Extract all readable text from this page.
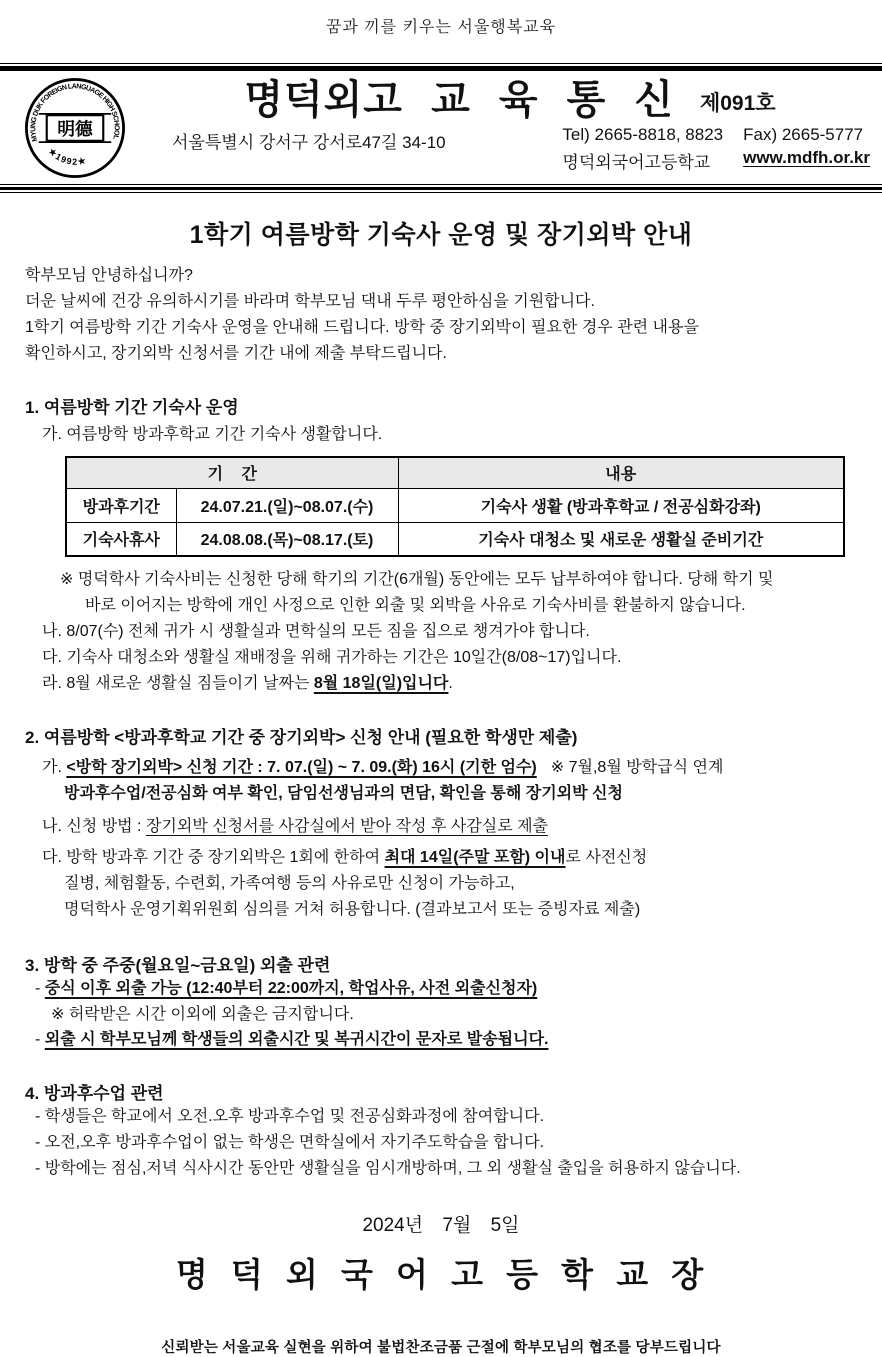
꿈과 끼를 키우는 서울행복교육
MYUNG DUK FOREIGN LANGUAGE HIGH SCHOOL
明德
★1992★
명덕외고 교 육 통 신 제091호
서울특별시 강서구 강서로47길 34-10	Tel) 2665-8818, 8823 Fax) 2665-5777
명덕외국어고등학교	www.mdfh.or.kr
1학기 여름방학 기숙사 운영 및 장기외박 안내
학부모님 안녕하십니까?
더운 날씨에 건강 유의하시기를 바라며 학부모님 댁내 두루 평안하심을 기원합니다.
1학기 여름방학 기간 기숙사 운영을 안내해 드립니다. 방학 중 장기외박이 필요한 경우 관련 내용을
확인하시고, 장기외박 신청서를 기간 내에 제출 부탁드립니다.
1. 여름방학 기간 기숙사 운영
가. 여름방학 방과후학교 기간 기숙사 생활합니다.
기 간		내용
방과후기간	24.07.21.(일)~08.07.(수)	기숙사 생활 (방과후학교 / 전공심화강좌)
기숙사휴사	24.08.08.(목)~08.17.(토)	기숙사 대청소 및 새로운 생활실 준비기간
※ 명덕학사 기숙사비는 신청한 당해 학기의 기간(6개월) 동안에는 모두 납부하여야 합니다. 당해 학기 및
바로 이어지는 방학에 개인 사정으로 인한 외출 및 외박을 사유로 기숙사비를 환불하지 않습니다.
나. 8/07(수) 전체 귀가 시 생활실과 면학실의 모든 짐을 집으로 챙겨가야 합니다.
다. 기숙사 대청소와 생활실 재배정을 위해 귀가하는 기간은 10일간(8/08~17)입니다.
라. 8월 새로운 생활실 짐들이기 날짜는 8월 18일(일)입니다.
2. 여름방학 <방과후학교 기간 중 장기외박> 신청 안내 (필요한 학생만 제출)
가. <방학 장기외박> 신청 기간 : 7. 07.(일) ~ 7. 09.(화) 16시 (기한 엄수) ※ 7월,8월 방학급식 연계
방과후수업/전공심화 여부 확인, 담임선생님과의 면담, 확인을 통해 장기외박 신청
나. 신청 방법 : 장기외박 신청서를 사감실에서 받아 작성 후 사감실로 제출
다. 방학 방과후 기간 중 장기외박은 1회에 한하여 최대 14일(주말 포함) 이내로 사전신청
질병, 체험활동, 수련회, 가족여행 등의 사유로만 신청이 가능하고,
명덕학사 운영기획위원회 심의를 거쳐 허용합니다. (결과보고서 또는 증빙자료 제출)
3. 방학 중 주중(월요일~금요일) 외출 관련
- 중식 이후 외출 가능 (12:40부터 22:00까지, 학업사유, 사전 외출신청자)
※ 허락받은 시간 이외에 외출은 금지합니다.
- 외출 시 학부모님께 학생들의 외출시간 및 복귀시간이 문자로 발송됩니다.
4. 방과후수업 관련
- 학생들은 학교에서 오전.오후 방과후수업 및 전공심화과정에 참여합니다.
- 오전,오후 방과후수업이 없는 학생은 면학실에서 자기주도학습을 합니다.
- 방학에는 점심,저녁 식사시간 동안만 생활실을 임시개방하며, 그 외 생활실 출입을 허용하지 않습니다.
2024년 7월 5일
명 덕 외 국 어 고 등 학 교 장
신뢰받는 서울교육 실현을 위하여 불법찬조금품 근절에 학부모님의 협조를 당부드립니다
